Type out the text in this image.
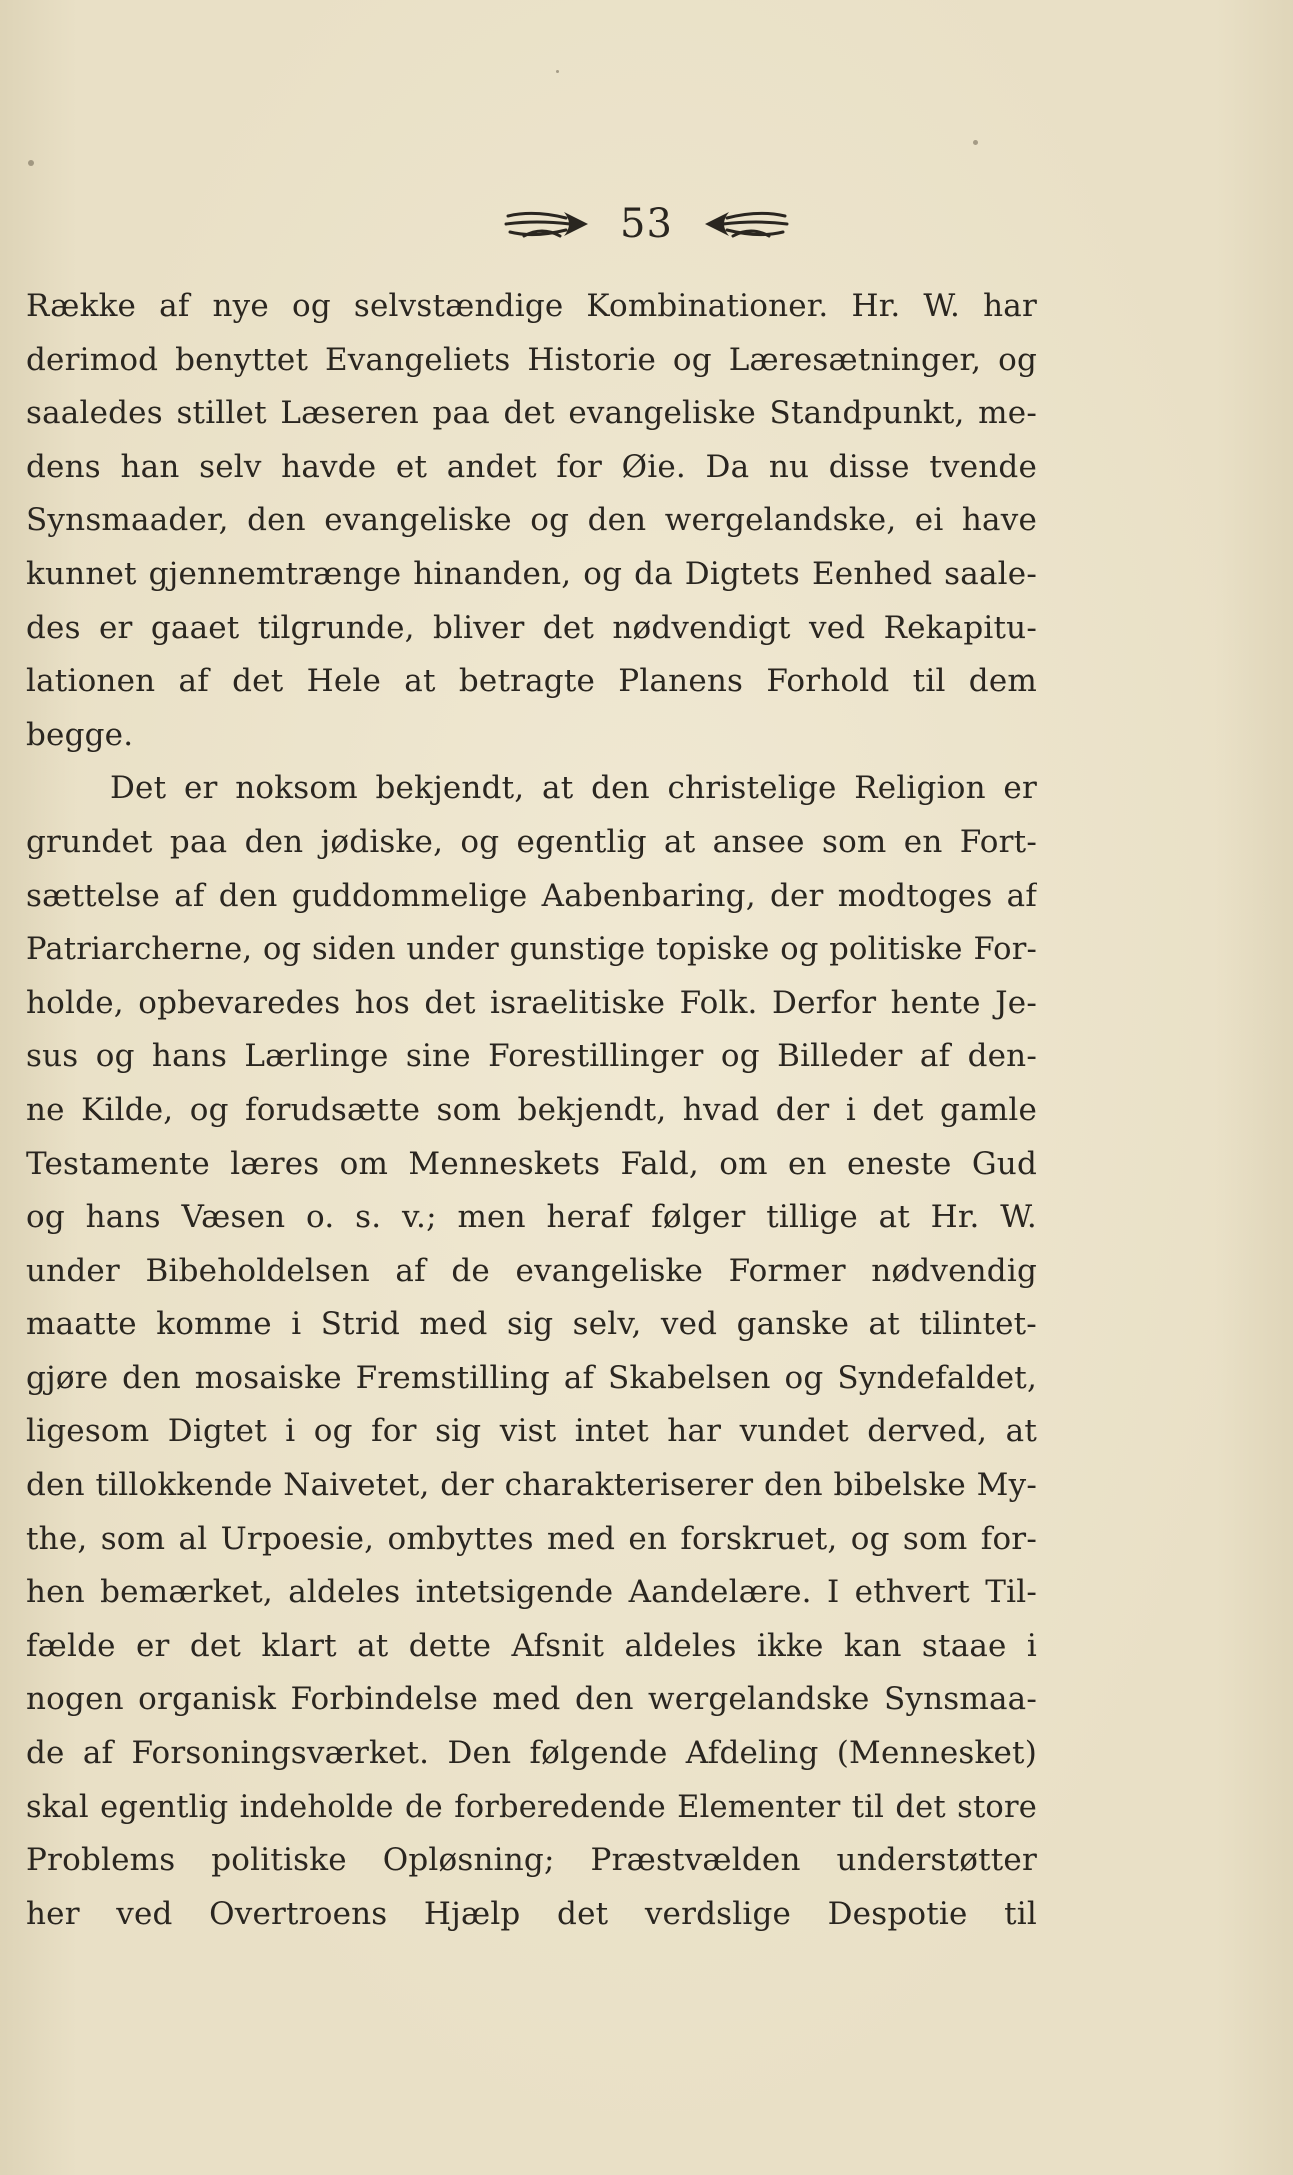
53
Række af nye og selvstændige Kombinationer. Hr. W. har
derimod benyttet Evangeliets Historie og Læresætninger, og
saaledes stillet Læseren paa det evangeliske Standpunkt, me-
dens han selv havde et andet for Øie. Da nu disse tvende
Synsmaader, den evangeliske og den wergelandske, ei have
kunnet gjennemtrænge hinanden, og da Digtets Eenhed saale-
des er gaaet tilgrunde, bliver det nødvendigt ved Rekapitu-
lationen af det Hele at betragte Planens Forhold til dem
begge.
Det er noksom bekjendt, at den christelige Religion er
grundet paa den jødiske, og egentlig at ansee som en Fort-
sættelse af den guddommelige Aabenbaring, der modtoges af
Patriarcherne, og siden under gunstige topiske og politiske For-
holde, opbevaredes hos det israelitiske Folk. Derfor hente Je-
sus og hans Lærlinge sine Forestillinger og Billeder af den-
ne Kilde, og forudsætte som bekjendt, hvad der i det gamle
Testamente læres om Menneskets Fald, om en eneste Gud
og hans Væsen o. s. v.; men heraf følger tillige at Hr. W.
under Bibeholdelsen af de evangeliske Former nødvendig
maatte komme i Strid med sig selv, ved ganske at tilintet-
gjøre den mosaiske Fremstilling af Skabelsen og Syndefaldet,
ligesom Digtet i og for sig vist intet har vundet derved, at
den tillokkende Naivetet, der charakteriserer den bibelske My-
the, som al Urpoesie, ombyttes med en forskruet, og som for-
hen bemærket, aldeles intetsigende Aandelære. I ethvert Til-
fælde er det klart at dette Afsnit aldeles ikke kan staae i
nogen organisk Forbindelse med den wergelandske Synsmaa-
de af Forsoningsværket. Den følgende Afdeling (Mennesket)
skal egentlig indeholde de forberedende Elementer til det store
Problems politiske Opløsning; Præstvælden understøtter
her ved Overtroens Hjælp det verdslige Despotie til
